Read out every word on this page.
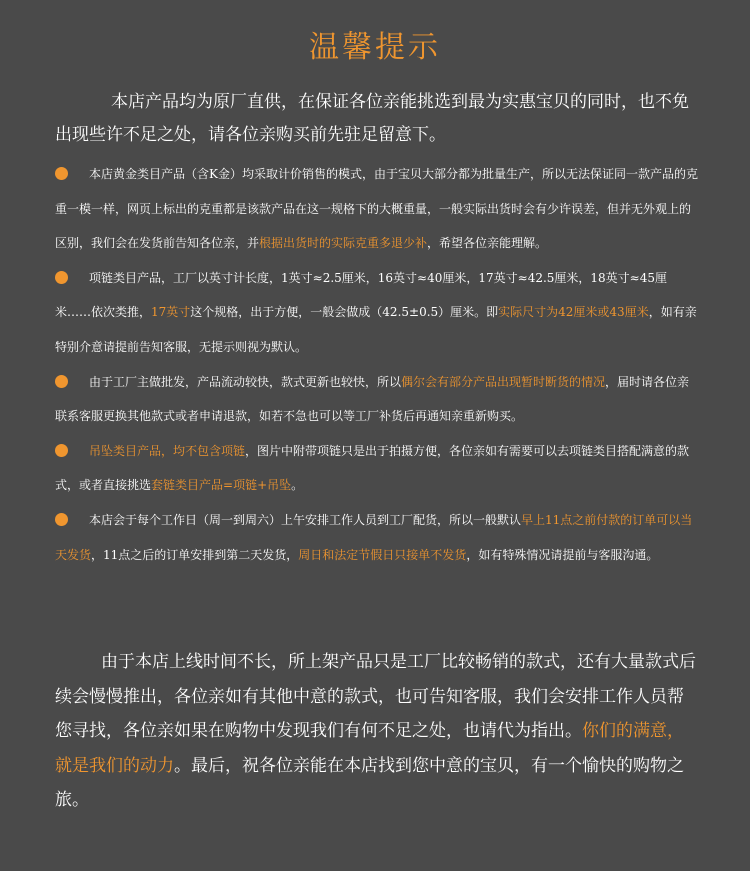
温馨提示

本店产品均为原厂直供，在保证各位亲能挑选到最为实惠宝贝的同时，也不免出现些许不足之处，请各位亲购买前先驻足留意下。

本店黄金类目产品（含K金）均采取计价销售的模式，由于宝贝大部分都为批量生产，所以无法保证同一款产品的克重一模一样，网页上标出的克重都是该款产品在这一规格下的大概重量，一般实际出货时会有少许误差，但并无外观上的区别，我们会在发货前告知各位亲，并根据出货时的实际克重多退少补，希望各位亲能理解。
项链类目产品，工厂以英寸计长度，1英寸≈2.5厘米，16英寸≈40厘米，17英寸≈42.5厘米，18英寸≈45厘米……依次类推，17英寸这个规格，出于方便，一般会做成（42.5±0.5）厘米。即实际尺寸为42厘米或43厘米，如有亲特别介意请提前告知客服，无提示则视为默认。
由于工厂主做批发，产品流动较快，款式更新也较快，所以偶尔会有部分产品出现暂时断货的情况，届时请各位亲联系客服更换其他款式或者申请退款，如若不急也可以等工厂补货后再通知亲重新购买。
吊坠类目产品，均不包含项链，图片中附带项链只是出于拍摄方便，各位亲如有需要可以去项链类目搭配满意的款式，或者直接挑选套链类目产品=项链+吊坠。
本店会于每个工作日（周一到周六）上午安排工作人员到工厂配货，所以一般默认早上11点之前付款的订单可以当天发货，11点之后的订单安排到第二天发货，周日和法定节假日只接单不发货，如有特殊情况请提前与客服沟通。

由于本店上线时间不长，所上架产品只是工厂比较畅销的款式，还有大量款式后续会慢慢推出，各位亲如有其他中意的款式，也可告知客服，我们会安排工作人员帮您寻找，各位亲如果在购物中发现我们有何不足之处，也请代为指出。你们的满意，就是我们的动力。最后，祝各位亲能在本店找到您中意的宝贝，有一个愉快的购物之旅。
